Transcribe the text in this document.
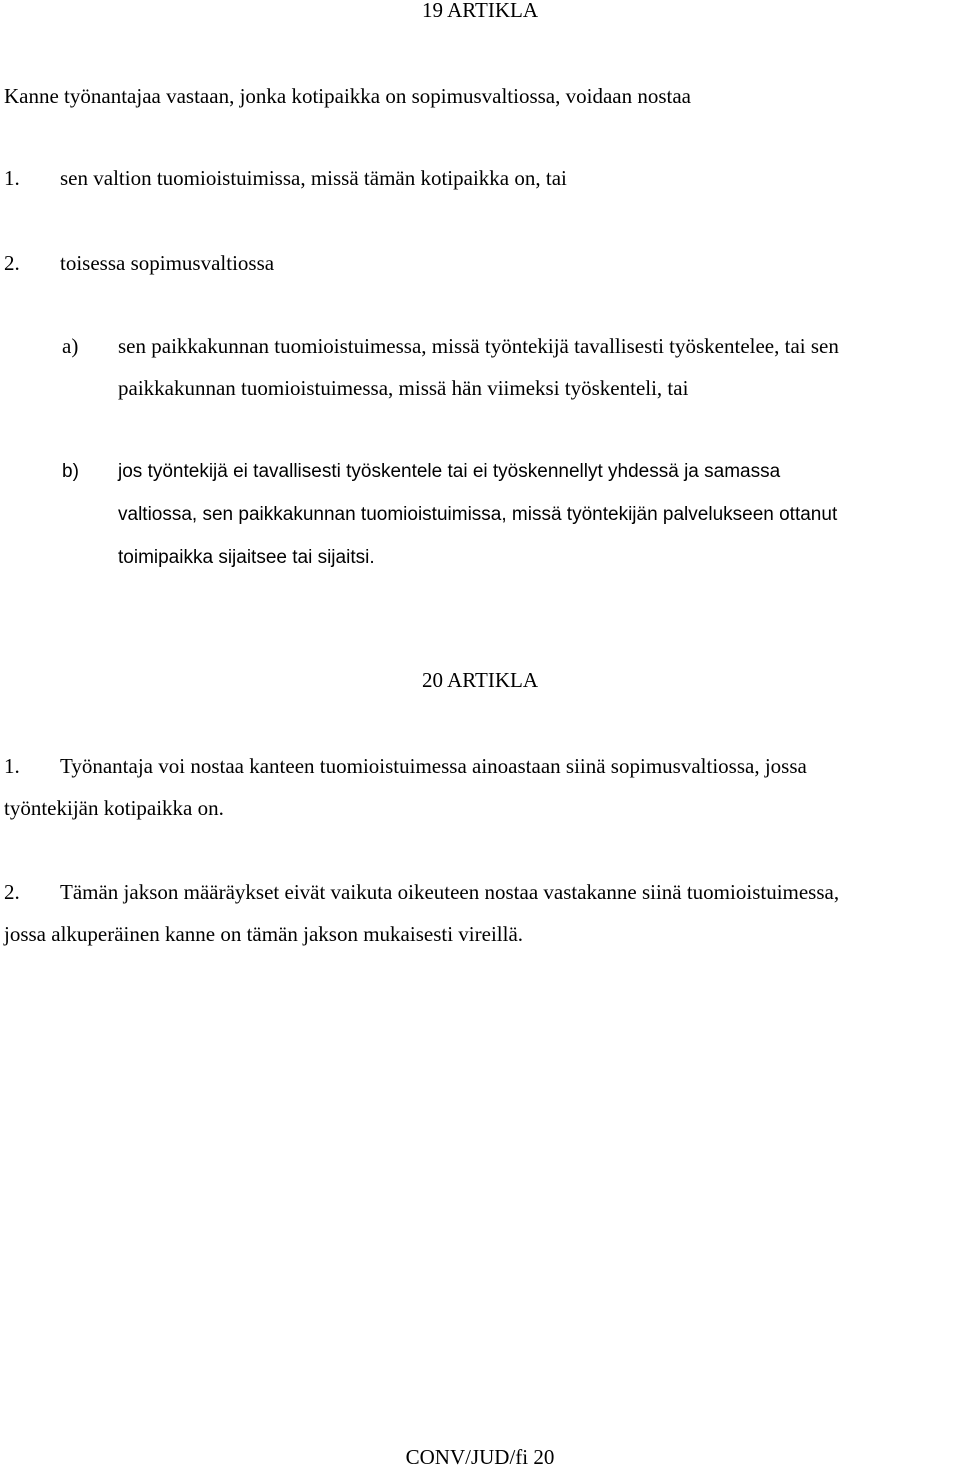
19 ARTIKLA
Kanne työnantajaa vastaan, jonka kotipaikka on sopimusvaltiossa, voidaan nostaa
1. sen valtion tuomioistuimissa, missä tämän kotipaikka on, tai
2. toisessa sopimusvaltiossa
a) sen paikkakunnan tuomioistuimessa, missä työntekijä tavallisesti työskentelee, tai sen
paikkakunnan tuomioistuimessa, missä hän viimeksi työskenteli, tai
b) jos työntekijä ei tavallisesti työskentele tai ei työskennellyt yhdessä ja samassa
valtiossa, sen paikkakunnan tuomioistuimissa, missä työntekijän palvelukseen ottanut
toimipaikka sijaitsee tai sijaitsi.
20 ARTIKLA
1. Työnantaja voi nostaa kanteen tuomioistuimessa ainoastaan siinä sopimusvaltiossa, jossa
työntekijän kotipaikka on.
2. Tämän jakson määräykset eivät vaikuta oikeuteen nostaa vastakanne siinä tuomioistuimessa,
jossa alkuperäinen kanne on tämän jakson mukaisesti vireillä.
CONV/JUD/fi 20
